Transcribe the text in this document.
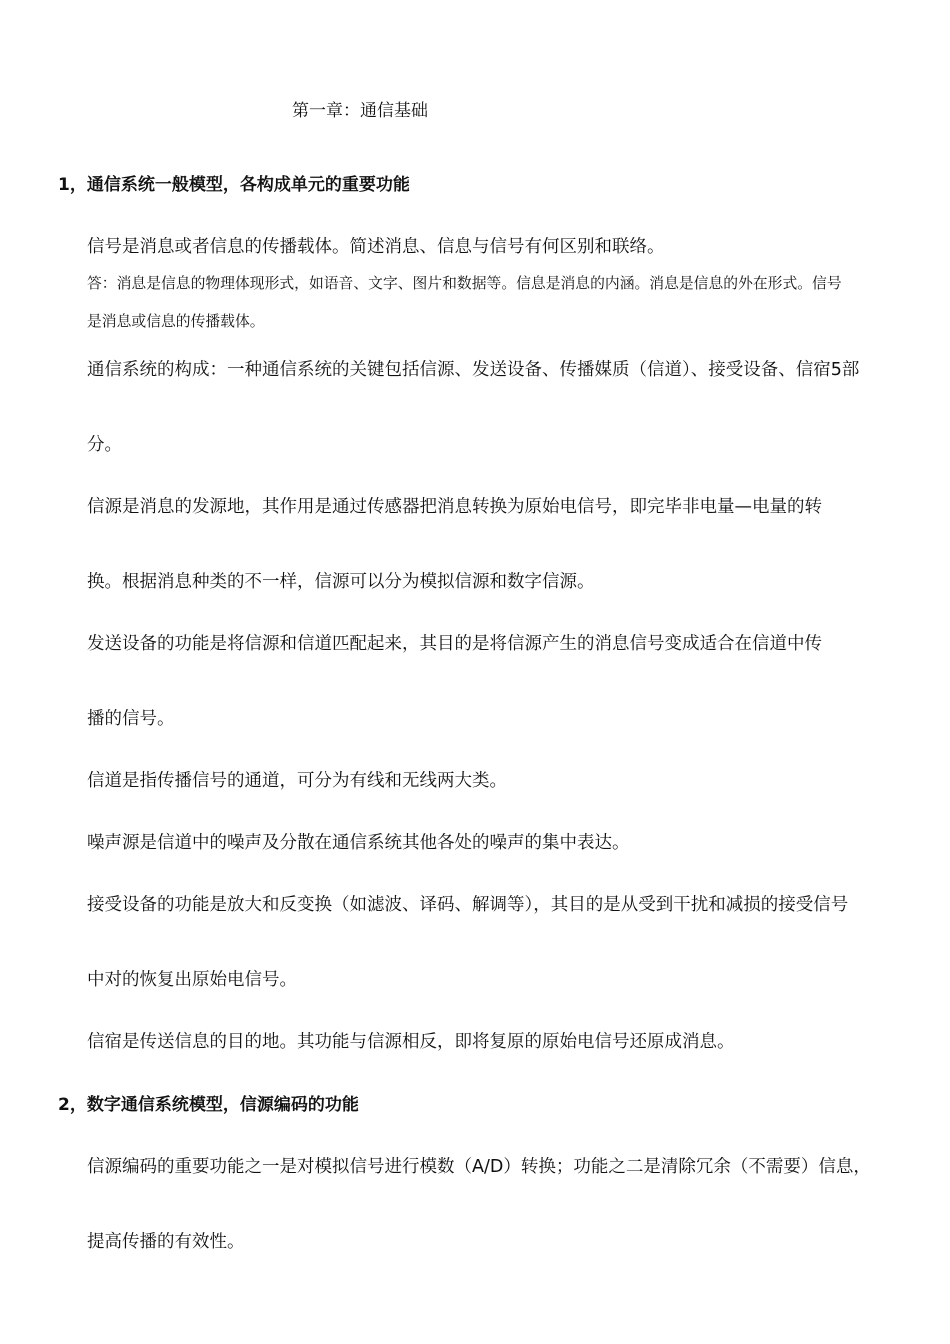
第一章：通信基础
1，通信系统一般模型，各构成单元的重要功能
信号是消息或者信息的传播载体。简述消息、信息与信号有何区别和联络。
答：消息是信息的物理体现形式，如语音、文字、图片和数据等。信息是消息的内涵。消息是信息的外在形式。信号
是消息或信息的传播载体。
通信系统的构成：一种通信系统的关键包括信源、发送设备、传播媒质（信道）、接受设备、信宿5部
分。
信源是消息的发源地，其作用是通过传感器把消息转换为原始电信号，即完毕非电量—电量的转
换。根据消息种类的不一样，信源可以分为模拟信源和数字信源。
发送设备的功能是将信源和信道匹配起来，其目的是将信源产生的消息信号变成适合在信道中传
播的信号。
信道是指传播信号的通道，可分为有线和无线两大类。
噪声源是信道中的噪声及分散在通信系统其他各处的噪声的集中表达。
接受设备的功能是放大和反变换（如滤波、译码、解调等），其目的是从受到干扰和减损的接受信号
中对的恢复出原始电信号。
信宿是传送信息的目的地。其功能与信源相反，即将复原的原始电信号还原成消息。
2，数字通信系统模型，信源编码的功能
信源编码的重要功能之一是对模拟信号进行模数（A/D）转换；功能之二是清除冗余（不需要）信息，
提高传播的有效性。
